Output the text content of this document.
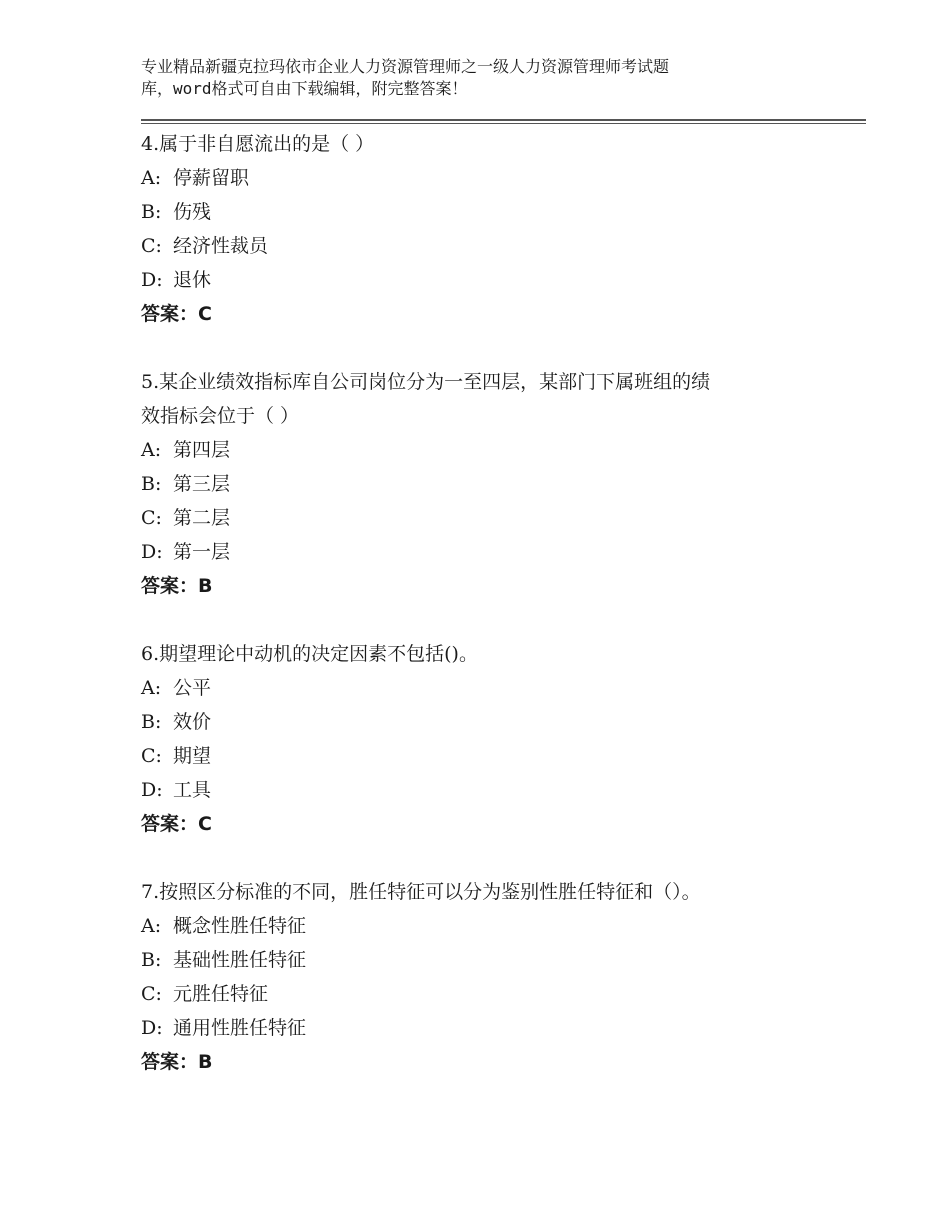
专业精品新疆克拉玛依市企业人力资源管理师之一级人力资源管理师考试题
库，word格式可自由下载编辑，附完整答案！
4.属于非自愿流出的是（ ）
A: 停薪留职
B: 伤残
C: 经济性裁员
D: 退休
答案：C
5.某企业绩效指标库自公司岗位分为一至四层，某部门下属班组的绩
效指标会位于（ ）
A: 第四层
B: 第三层
C: 第二层
D: 第一层
答案：B
6.期望理论中动机的决定因素不包括()。
A: 公平
B: 效价
C: 期望
D: 工具
答案：C
7.按照区分标准的不同，胜任特征可以分为鉴别性胜任特征和（）。
A: 概念性胜任特征
B: 基础性胜任特征
C: 元胜任特征
D: 通用性胜任特征
答案：B
